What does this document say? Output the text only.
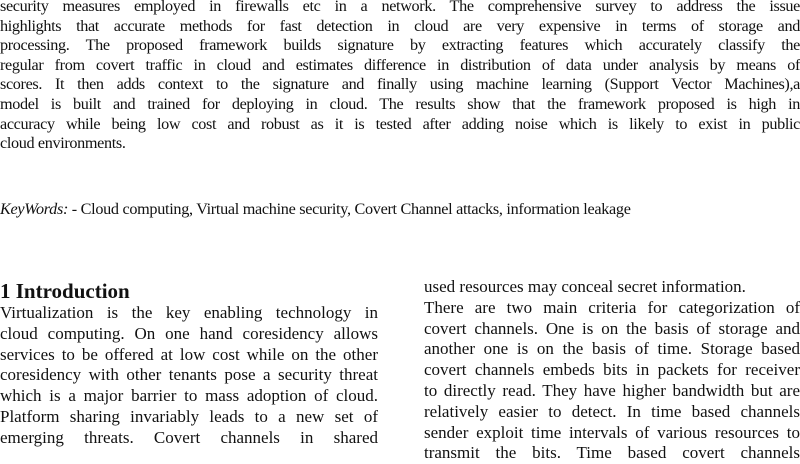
security measures employed in firewalls etc in a network. The comprehensive survey to address the issue
highlights that accurate methods for fast detection in cloud are very expensive in terms of storage and
processing. The proposed framework builds signature by extracting features which accurately classify the
regular from covert traffic in cloud and estimates difference in distribution of data under analysis by means of
scores. It then adds context to the signature and finally using machine learning (Support Vector Machines),a
model is built and trained for deploying in cloud. The results show that the framework proposed is high in
accuracy while being low cost and robust as it is tested after adding noise which is likely to exist in public
cloud environments.
KeyWords: - Cloud computing, Virtual machine security, Covert Channel attacks, information leakage
1 Introduction
Virtualization is the key enabling technology in
cloud computing. On one hand coresidency allows
services to be offered at low cost while on the other
coresidency with other tenants pose a security threat
which is a major barrier to mass adoption of cloud.
Platform sharing invariably leads to a new set of
emerging threats. Covert channels in shared
used resources may conceal secret information.
There are two main criteria for categorization of
covert channels. One is on the basis of storage and
another one is on the basis of time. Storage based
covert channels embeds bits in packets for receiver
to directly read. They have higher bandwidth but are
relatively easier to detect. In time based channels
sender exploit time intervals of various resources to
transmit the bits. Time based covert channels
